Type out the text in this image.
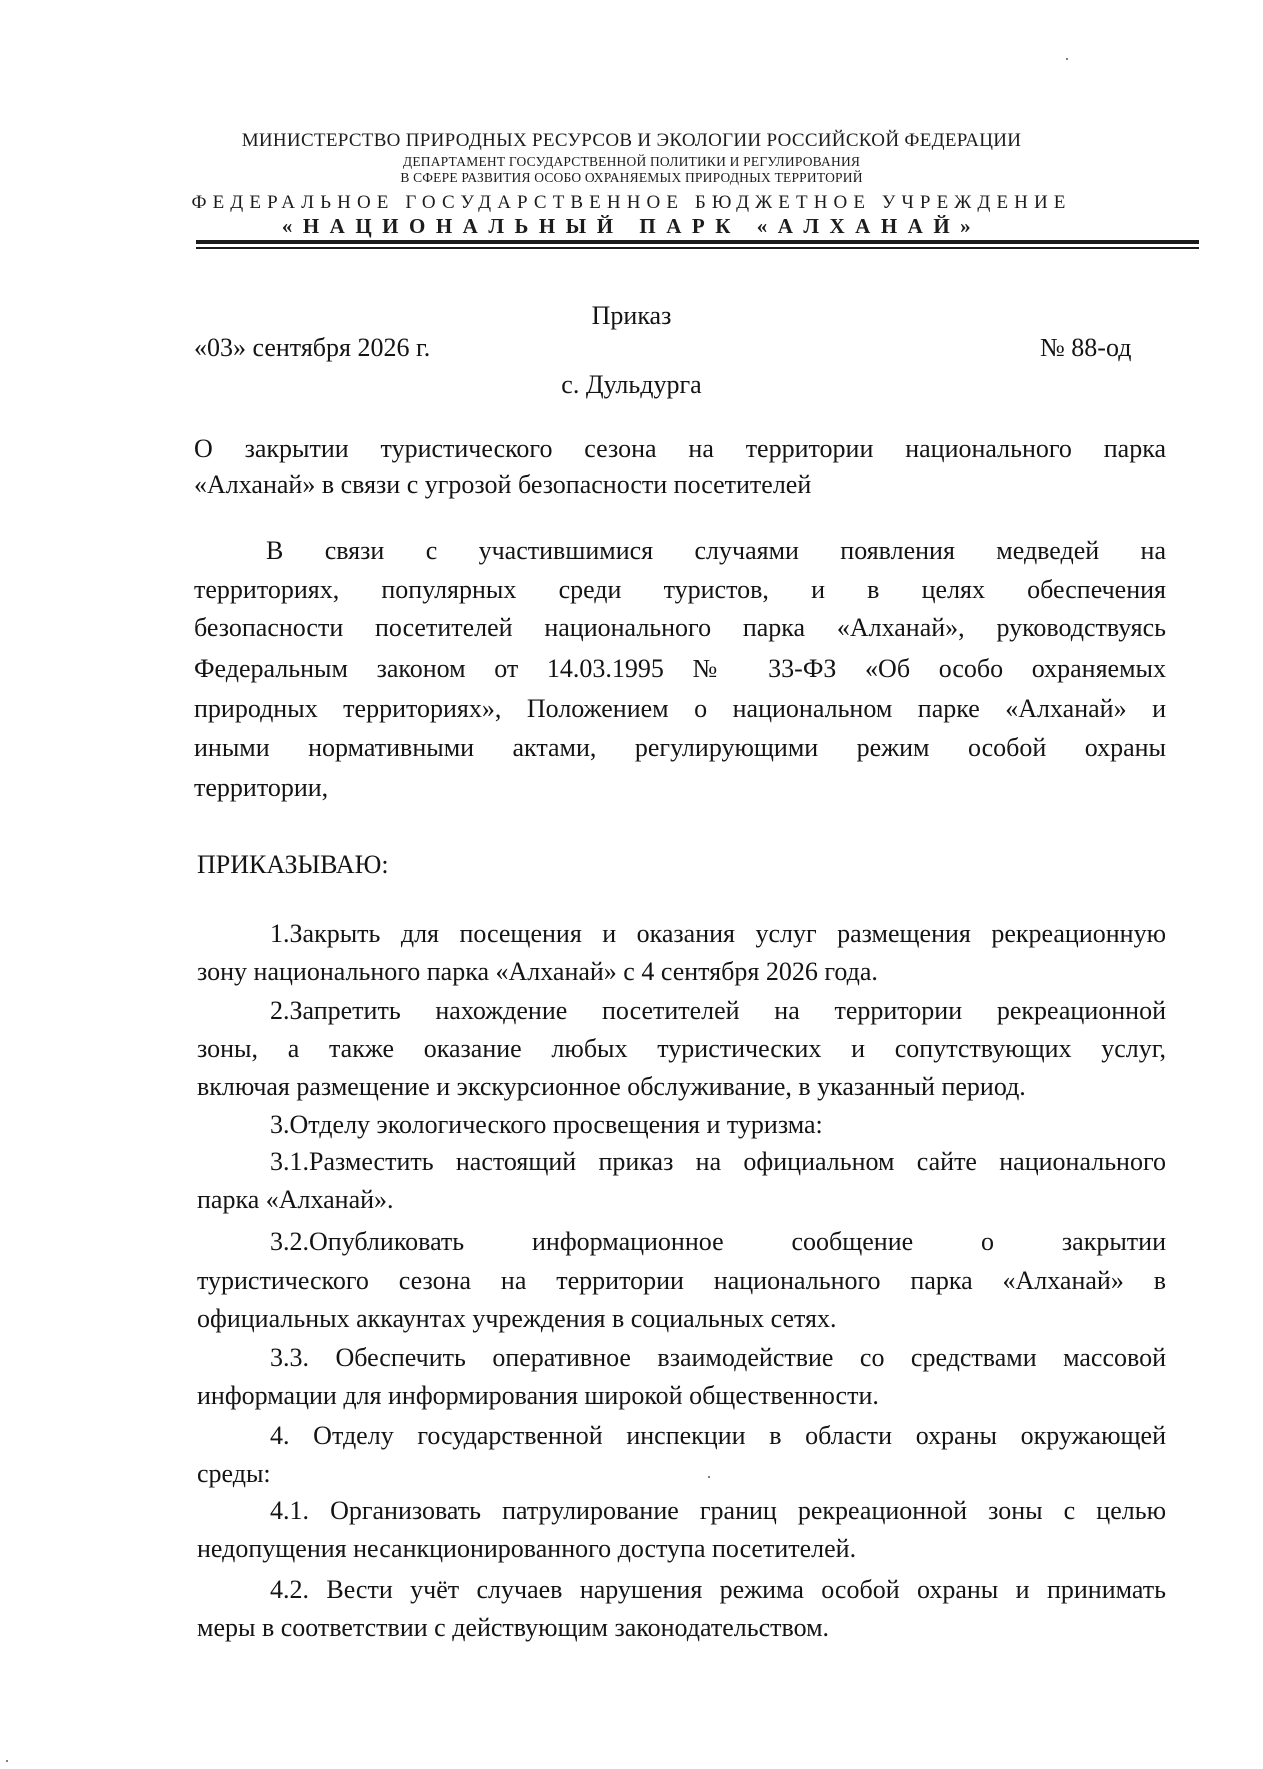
МИНИСТЕРСТВО ПРИРОДНЫХ РЕСУРСОВ И ЭКОЛОГИИ РОССИЙСКОЙ ФЕДЕРАЦИИ
ДЕПАРТАМЕНТ ГОСУДАРСТВЕННОЙ ПОЛИТИКИ И РЕГУЛИРОВАНИЯ
В СФЕРЕ РАЗВИТИЯ ОСОБО ОХРАНЯЕМЫХ ПРИРОДНЫХ ТЕРРИТОРИЙ
ФЕДЕРАЛЬНОЕ ГОСУДАРСТВЕННОЕ БЮДЖЕТНОЕ УЧРЕЖДЕНИЕ
«НАЦИОНАЛЬНЫЙ ПАРК «АЛХАНАЙ»
Приказ
«03» сентября 2026 г.	№ 88-од
с. Дульдурга
О закрытии туристического сезона на территории национального парка
«Алханай» в связи с угрозой безопасности посетителей
В связи с участившимися случаями появления медведей на
территориях, популярных среди туристов, и в целях обеспечения
безопасности посетителей национального парка «Алханай», руководствуясь
Федеральным законом от 14.03.1995 № 33-ФЗ «Об особо охраняемых
природных территориях», Положением о национальном парке «Алханай» и
иными нормативными актами, регулирующими режим особой охраны
территории,
ПРИКАЗЫВАЮ:
1.Закрыть для посещения и оказания услуг размещения рекреационную
зону национального парка «Алханай» с 4 сентября 2026 года.
2.Запретить нахождение посетителей на территории рекреационной
зоны, а также оказание любых туристических и сопутствующих услуг,
включая размещение и экскурсионное обслуживание, в указанный период.
3.Отделу экологического просвещения и туризма:
3.1.Разместить настоящий приказ на официальном сайте национального
парка «Алханай».
3.2.Опубликовать информационное сообщение о закрытии
туристического сезона на территории национального парка «Алханай» в
официальных аккаунтах учреждения в социальных сетях.
3.3. Обеспечить оперативное взаимодействие со средствами массовой
информации для информирования широкой общественности.
4. Отделу государственной инспекции в области охраны окружающей
среды:
4.1. Организовать патрулирование границ рекреационной зоны с целью
недопущения несанкционированного доступа посетителей.
4.2. Вести учёт случаев нарушения режима особой охраны и принимать
меры в соответствии с действующим законодательством.
